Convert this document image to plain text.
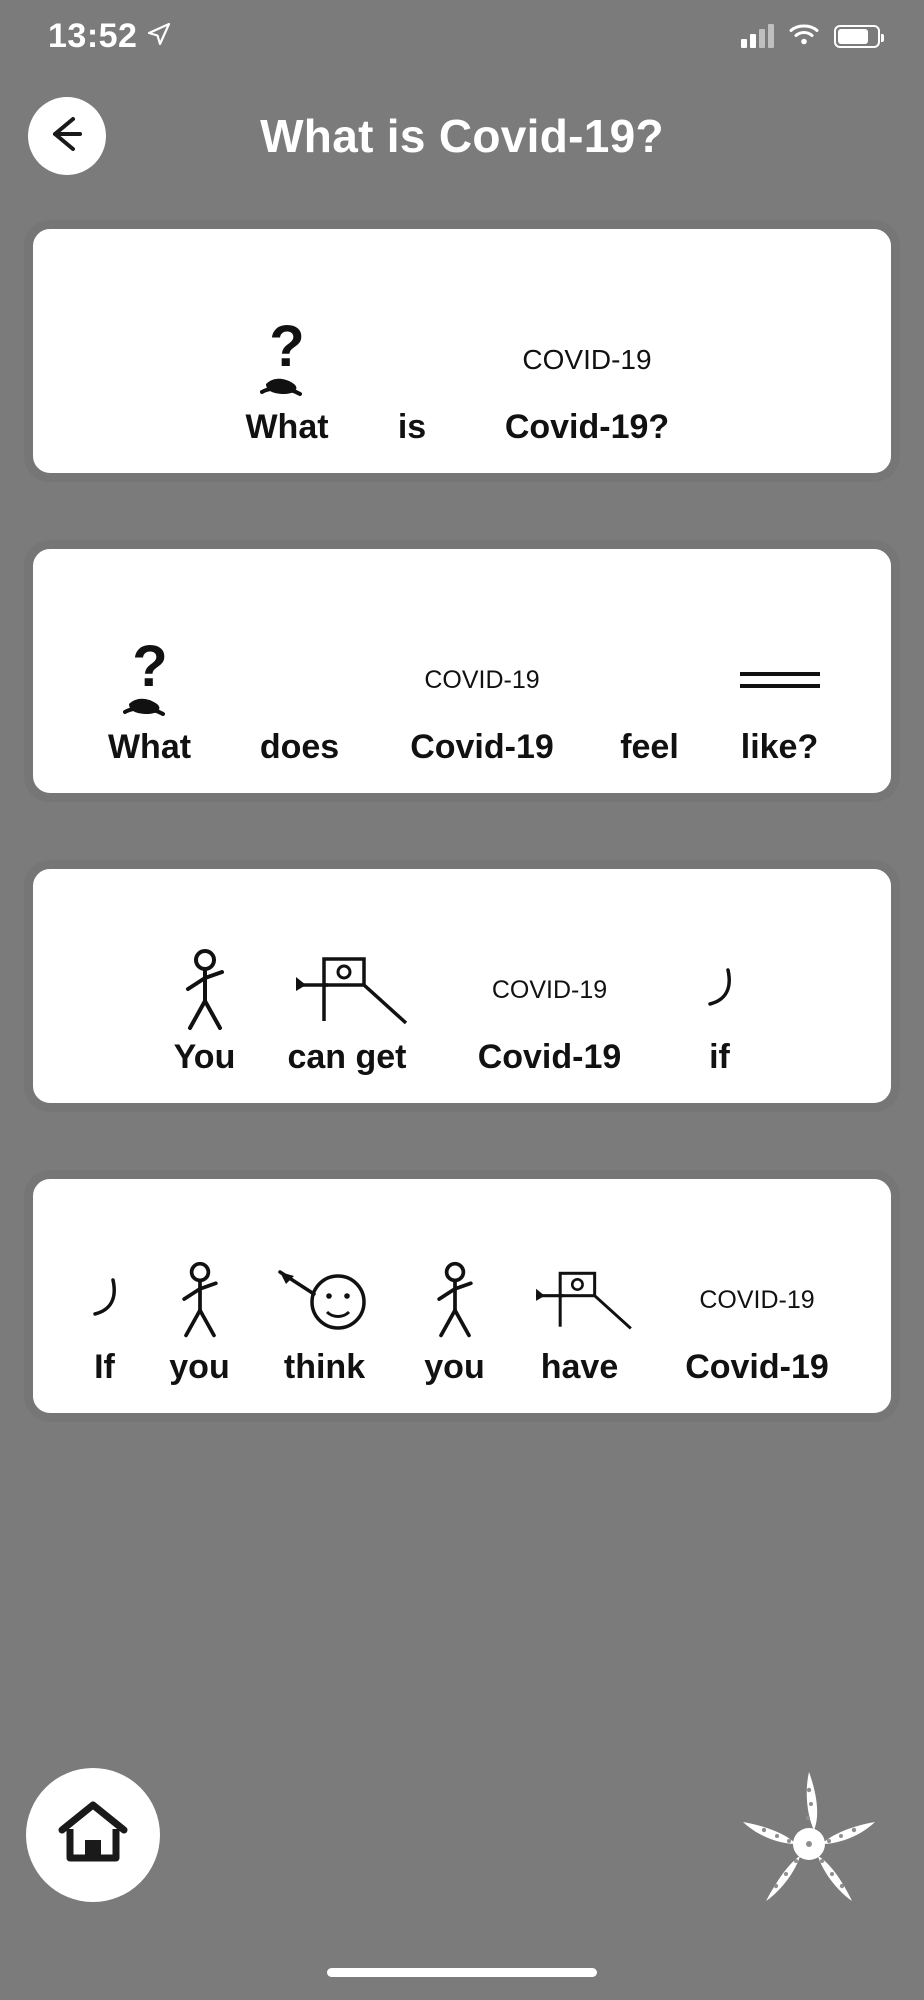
13:52
What is Covid-19?
?	COVID-19
What	is	Covid-19?
?	COVID-19
What	does	Covid-19	feel	like?
COVID-19
You	can get	Covid-19	if
COVID-19
If	you	think	you	have	Covid-19
